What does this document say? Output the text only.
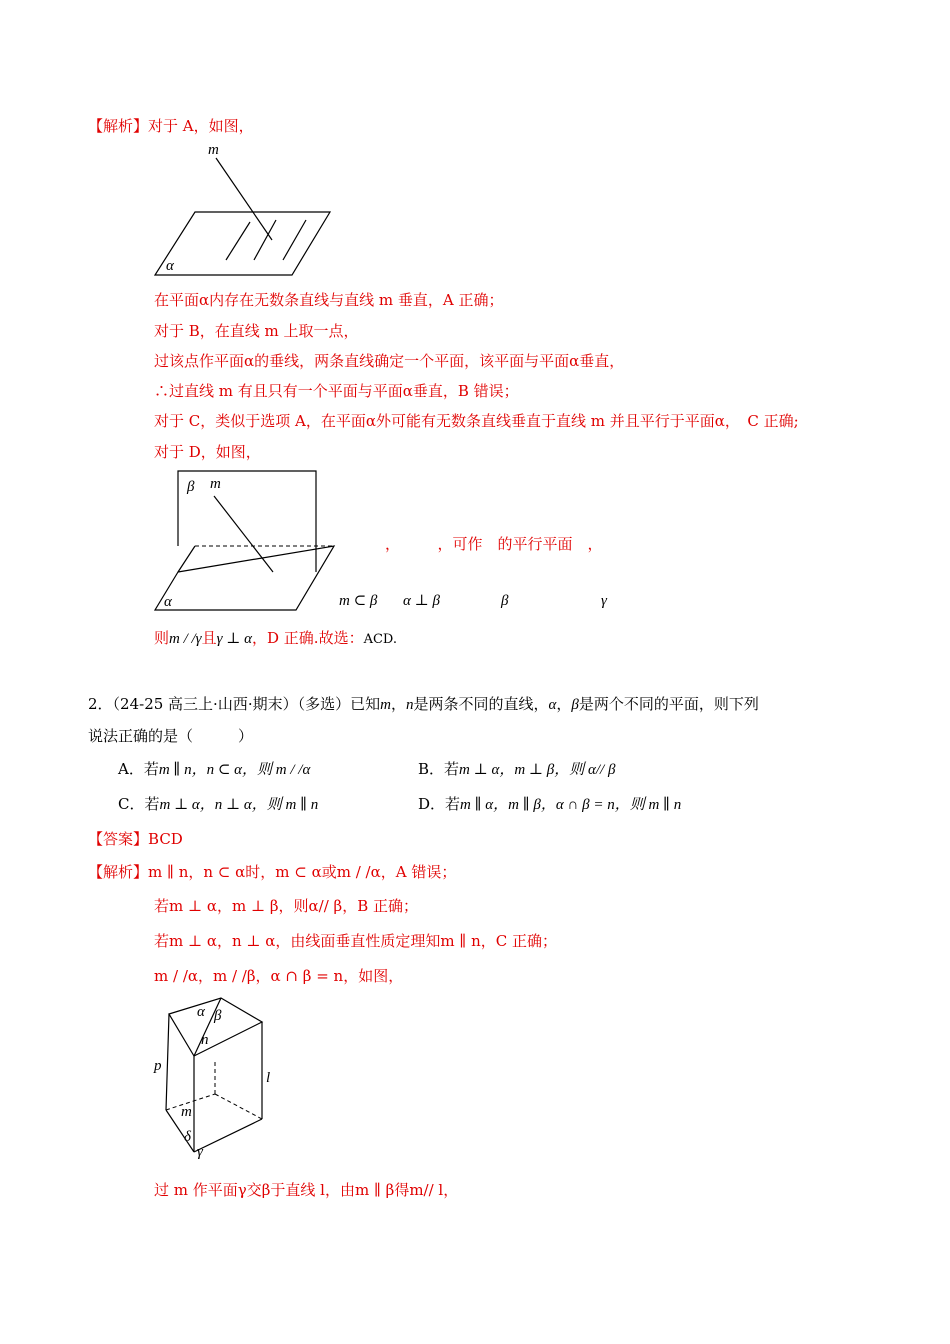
【解析】对于 A，如图，
m
α
在平面α内存在无数条直线与直线 m 垂直，A 正确；
对于 B，在直线 m 上取一点，
过该点作平面α的垂线，两条直线确定一个平面，该平面与平面α垂直，
∴过直线 m 有且只有一个平面与平面α垂直，B 错误；
对于 C，类似于选项 A，在平面α外可能有无数条直线垂直于直线 m 并且平行于平面α，　C 正确;
对于 D，如图，
β m
α
，　　　，可作　的平行平面　，
m ⊂ β α ⊥ β	β	γ
则m / /γ且γ ⊥ α，D 正确.故选：ACD.
2．（24-25 高三上·山西·期末）（多选）已知m，n是两条不同的直线，α，β是两个不同的平面，则下列
说法正确的是（　　　）
A．若m ∥ n，n ⊂ α，则 m / /α	B．若m ⊥ α，m ⊥ β，则 α// β
C．若m ⊥ α，n ⊥ α，则 m ∥ n	D．若m ∥ α，m ∥ β，α ∩ β = n，则 m ∥ n
【答案】BCD
【解析】m ∥ n，n ⊂ α时，m ⊂ α或m / /α，A 错误；
若m ⊥ α，m ⊥ β，则α// β，B 正确；
若m ⊥ α，n ⊥ α，由线面垂直性质定理知m ∥ n，C 正确；
m / /α，m / /β，α ∩ β = n，如图，
α β
n
p
l
m
δ
γ
过 m 作平面γ交β于直线 l，由m ∥ β得m// l，
